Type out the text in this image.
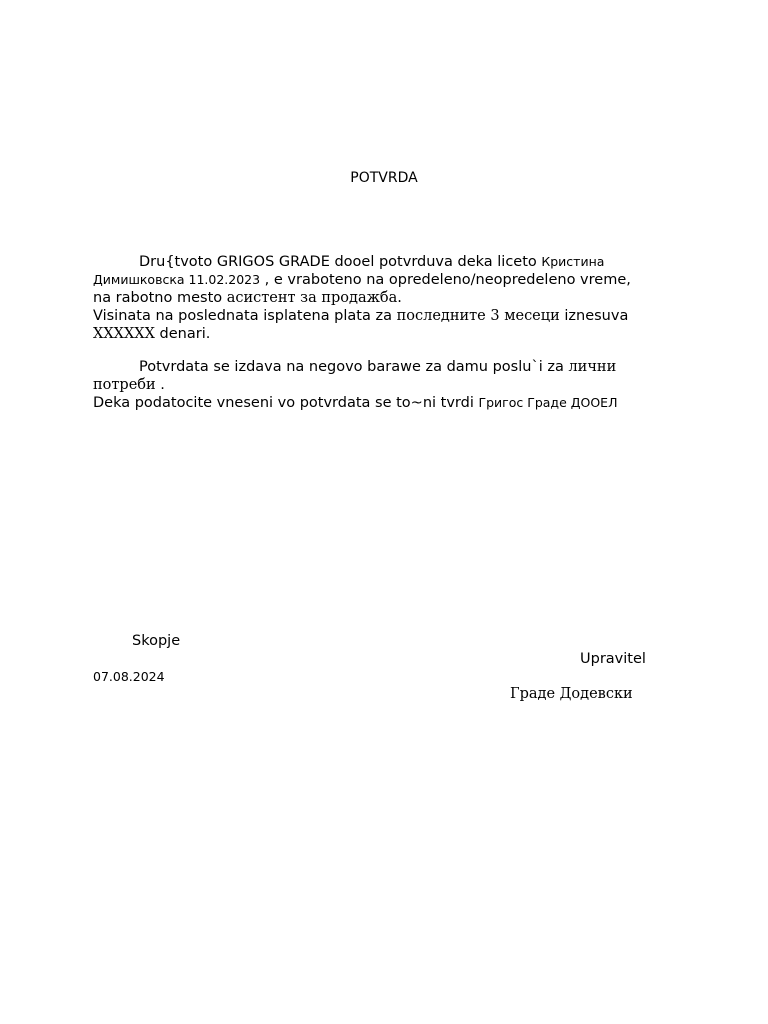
POTVRDA
Dru{tvoto GRIGOS GRADE dooel potvrduva deka liceto Кристина
Димишковска 11.02.2023 , e vraboteno na opredeleno/neopredeleno vreme,
na rabotno mesto асистент за продажба.
Visinata na poslednata isplatena plata za последните 3 месеци iznesuva
XXXXXX denari.
Potvrdata se izdava na negovo barawe za damu poslu`i za лични
потреби .
Deka podatocite vneseni vo potvrdata se to~ni tvrdi Григос Граде ДООЕЛ
Skopje
07.08.2024
Upravitel
Граде Додевски
